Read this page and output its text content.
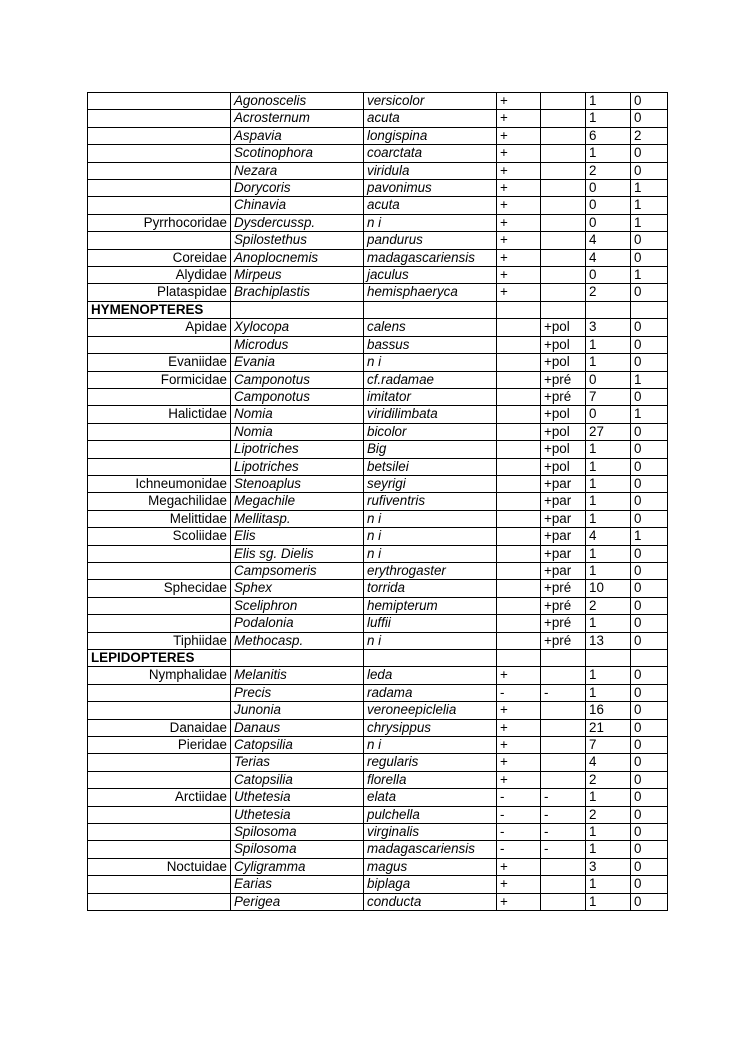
	Agonoscelis	versicolor	+		1	0
	Acrosternum	acuta	+		1	0
	Aspavia	longispina	+		6	2
	Scotinophora	coarctata	+		1	0
	Nezara	viridula	+		2	0
	Dorycoris	pavonimus	+		0	1
	Chinavia	acuta	+		0	1
Pyrrhocoridae	Dysdercussp.	n i	+		0	1
	Spilostethus	pandurus	+		4	0
Coreidae	Anoplocnemis	madagascariensis	+		4	0
Alydidae	Mirpeus	jaculus	+		0	1
Plataspidae	Brachiplastis	hemisphaeryca	+		2	0
HYMENOPTERES						
Apidae	Xylocopa	calens		+pol	3	0
	Microdus	bassus		+pol	1	0
Evaniidae	Evania	n i		+pol	1	0
Formicidae	Camponotus	cf.radamae		+pré	0	1
	Camponotus	imitator		+pré	7	0
Halictidae	Nomia	viridilimbata		+pol	0	1
	Nomia	bicolor		+pol	27	0
	Lipotriches	Big		+pol	1	0
	Lipotriches	betsilei		+pol	1	0
Ichneumonidae	Stenoaplus	seyrigi		+par	1	0
Megachilidae	Megachile	rufiventris		+par	1	0
Melittidae	Mellitasp.	n i		+par	1	0
Scoliidae	Elis	n i		+par	4	1
	Elis sg. Dielis	n i		+par	1	0
	Campsomeris	erythrogaster		+par	1	0
Sphecidae	Sphex	torrida		+pré	10	0
	Sceliphron	hemipterum		+pré	2	0
	Podalonia	luffii		+pré	1	0
Tiphiidae	Methocasp.	n i		+pré	13	0
LEPIDOPTERES						
Nymphalidae	Melanitis	leda	+		1	0
	Precis	radama	-	-	1	0
	Junonia	veroneepiclelia	+		16	0
Danaidae	Danaus	chrysippus	+		21	0
Pieridae	Catopsilia	n i	+		7	0
	Terias	regularis	+		4	0
	Catopsilia	florella	+		2	0
Arctiidae	Uthetesia	elata	-	-	1	0
	Uthetesia	pulchella	-	-	2	0
	Spilosoma	virginalis	-	-	1	0
	Spilosoma	madagascariensis	-	-	1	0
Noctuidae	Cyligramma	magus	+		3	0
	Earias	biplaga	+		1	0
	Perigea	conducta	+		1	0
